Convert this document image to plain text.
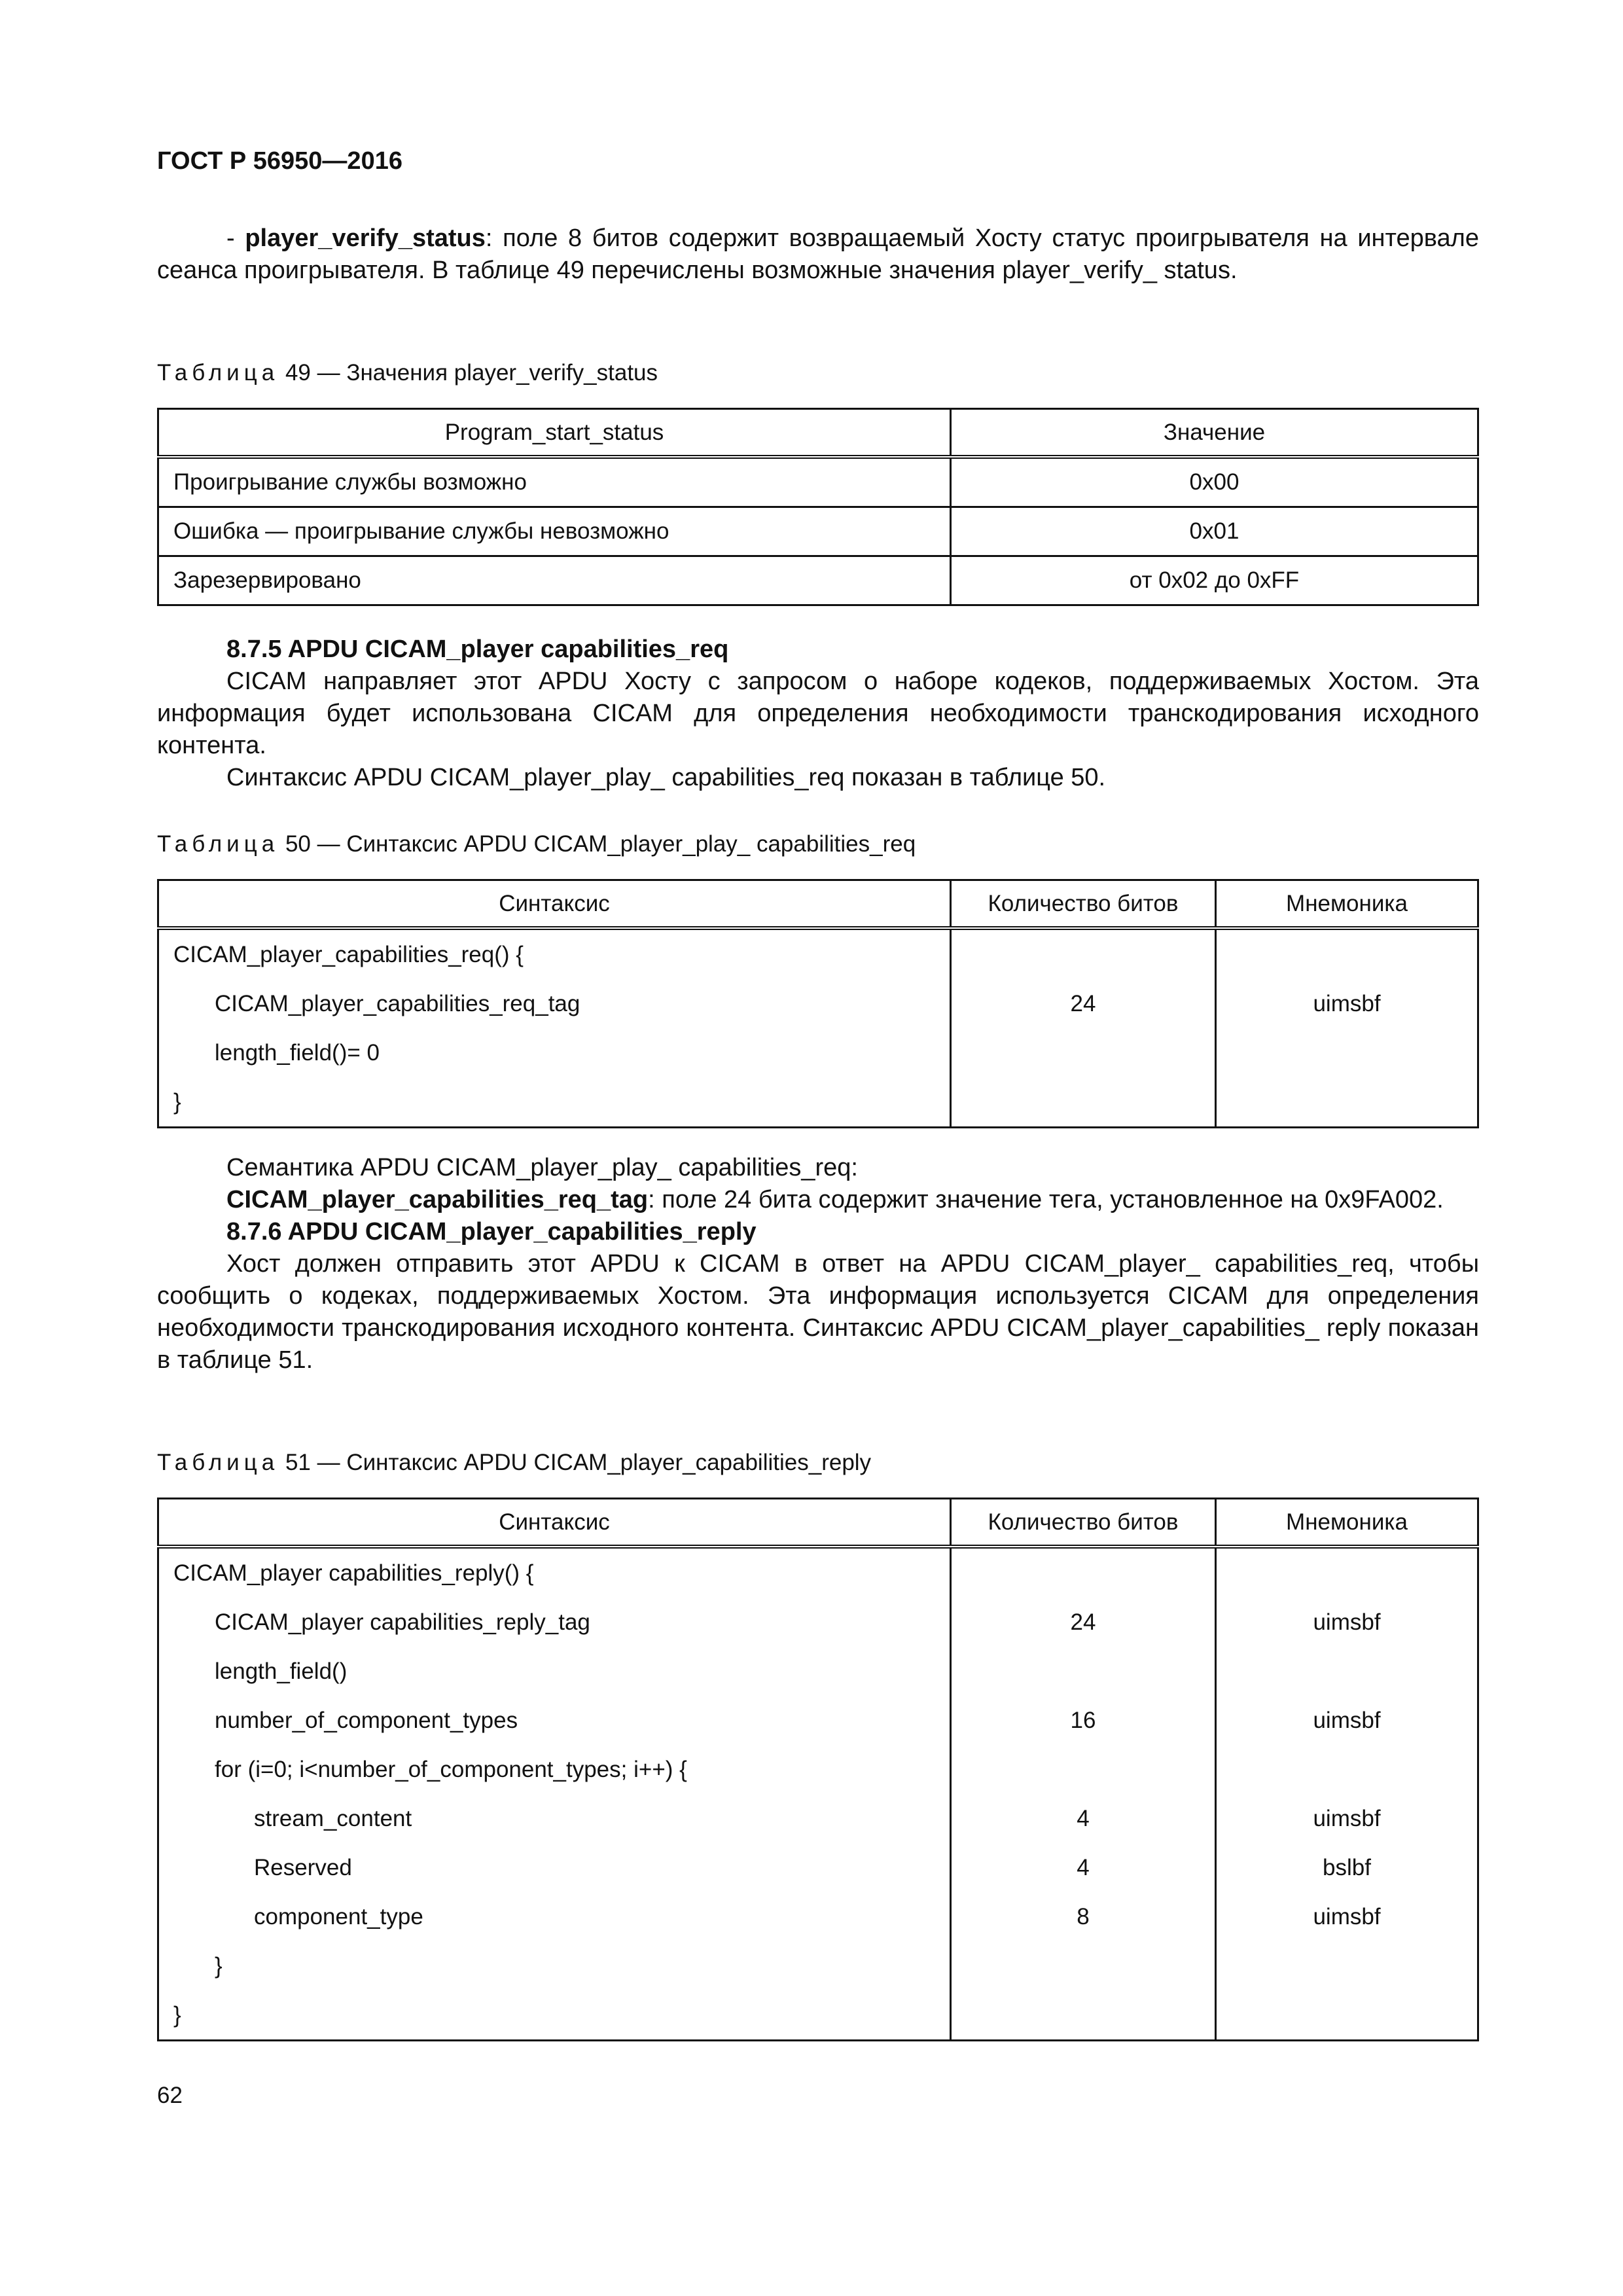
ГОСТ Р 56950—2016

- player_verify_status: поле 8 битов содержит возвращаемый Хосту статус проигрывателя на интервале сеанса проигрывателя. В таблице 49 перечислены возможные значения player_verify_ status.

Таблица 49 — Значения player_verify_status

Program_start_status	Значение
Проигрывание службы возможно	0x00
Ошибка — проигрывание службы невозможно	0x01
Зарезервировано	от 0x02 до 0xFF

8.7.5 APDU CICAM_player capabilities_req

CICAM направляет этот APDU Хосту с запросом о наборе кодеков, поддерживаемых Хостом. Эта информация будет использована CICAM для определения необходимости транскодирования исходного контента.

Синтаксис APDU CICAM_player_play_ capabilities_req показан в таблице 50.

Таблица 50 — Синтаксис APDU CICAM_player_play_ capabilities_req

Синтаксис	Количество битов	Мнемоника
CICAM_player_capabilities_req() {		
CICAM_player_capabilities_req_tag	24	uimsbf
length_field()= 0		
}		

Семантика APDU CICAM_player_play_ capabilities_req:

CICAM_player_capabilities_req_tag: поле 24 бита содержит значение тега, установленное на 0x9FA002.

8.7.6 APDU CICAM_player_capabilities_reply

Хост должен отправить этот APDU к CICAM в ответ на APDU CICAM_player_ capabilities_req, чтобы сообщить о кодеках, поддерживаемых Хостом. Эта информация используется CICAM для определения необходимости транскодирования исходного контента. Синтаксис APDU CICAM_player_capabilities_ reply показан в таблице 51.

Таблица 51 — Синтаксис APDU CICAM_player_capabilities_reply

Синтаксис	Количество битов	Мнемоника
CICAM_player capabilities_reply() {		
CICAM_player capabilities_reply_tag	24	uimsbf
length_field()		
number_of_component_types	16	uimsbf
for (i=0; i<number_of_component_types; i++) {		
stream_content	4	uimsbf
Reserved	4	bslbf
component_type	8	uimsbf
}		
}		
62
